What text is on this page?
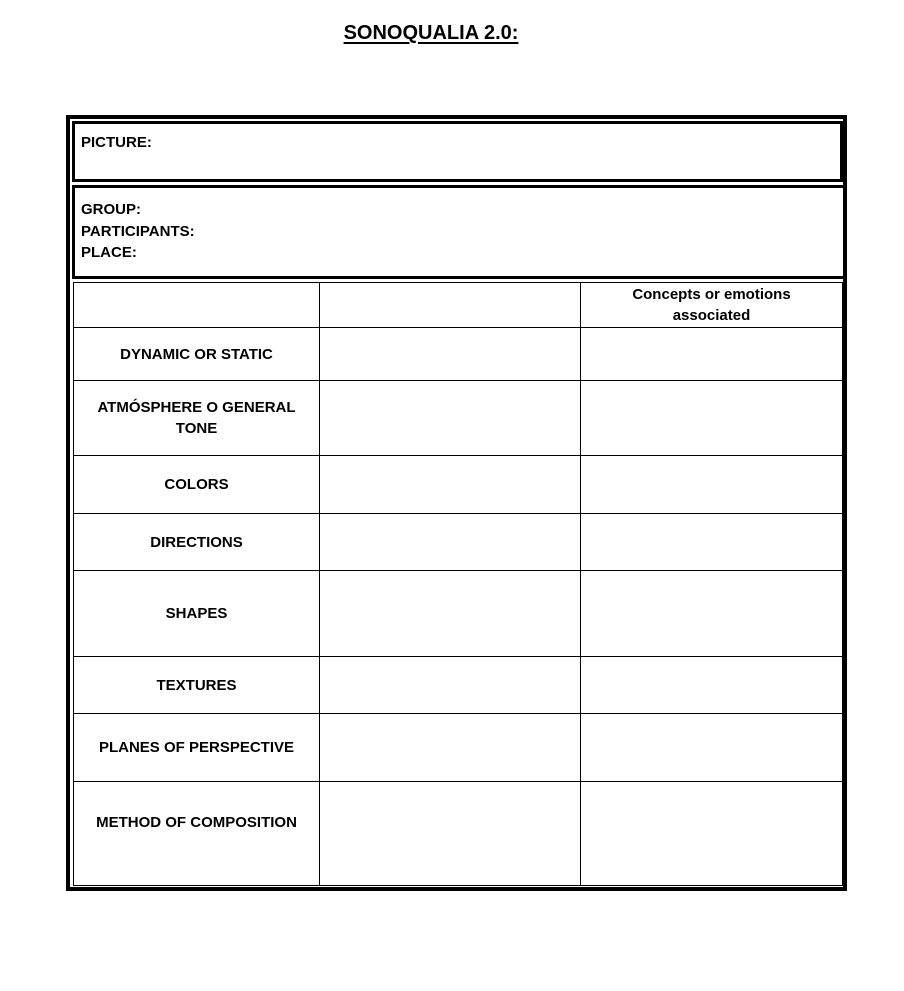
SONOQUALIA 2.0:
PICTURE:
GROUP:
PARTICIPANTS:
PLACE:
		Concepts or emotions associated
DYNAMIC OR STATIC		
ATMÓSPHERE O GENERAL TONE		
COLORS		
DIRECTIONS		
SHAPES		
TEXTURES		
PLANES OF PERSPECTIVE		
METHOD OF COMPOSITION		
